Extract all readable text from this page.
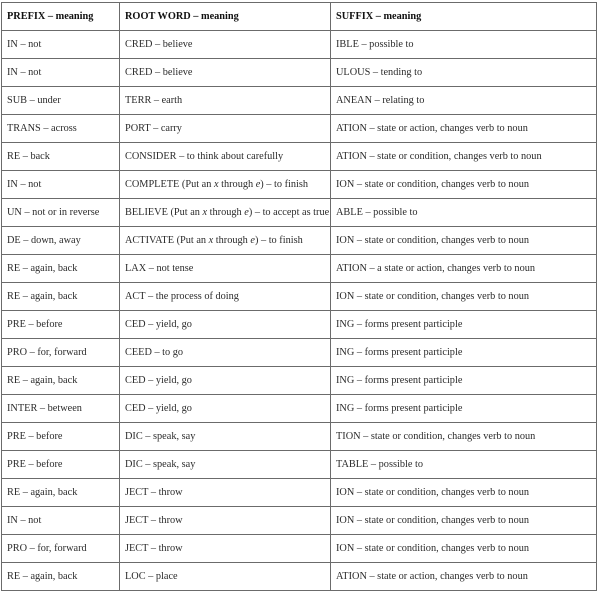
PREFIX – meaning	ROOT WORD – meaning	SUFFIX – meaning
IN – not	CRED – believe	IBLE – possible to
IN – not	CRED – believe	ULOUS – tending to
SUB – under	TERR – earth	ANEAN – relating to
TRANS – across	PORT – carry	ATION – state or action, changes verb to noun
RE – back	CONSIDER – to think about carefully	ATION – state or condition, changes verb to noun
IN – not	COMPLETE (Put an x through e) – to finish	ION – state or condition, changes verb to noun
UN – not or in reverse	BELIEVE (Put an x through e) – to accept as true	ABLE – possible to
DE – down, away	ACTIVATE (Put an x through e) – to finish	ION – state or condition, changes verb to noun
RE – again, back	LAX – not tense	ATION – a state or action, changes verb to noun
RE – again, back	ACT – the process of doing	ION – state or condition, changes verb to noun
PRE – before	CED – yield, go	ING – forms present participle
PRO – for, forward	CEED – to go	ING – forms present participle
RE – again, back	CED – yield, go	ING – forms present participle
INTER – between	CED – yield, go	ING – forms present participle
PRE – before	DIC – speak, say	TION – state or condition, changes verb to noun
PRE – before	DIC – speak, say	TABLE – possible to
RE – again, back	JECT – throw	ION – state or condition, changes verb to noun
IN – not	JECT – throw	ION – state or condition, changes verb to noun
PRO – for, forward	JECT – throw	ION – state or condition, changes verb to noun
RE – again, back	LOC – place	ATION – state or action, changes verb to noun
